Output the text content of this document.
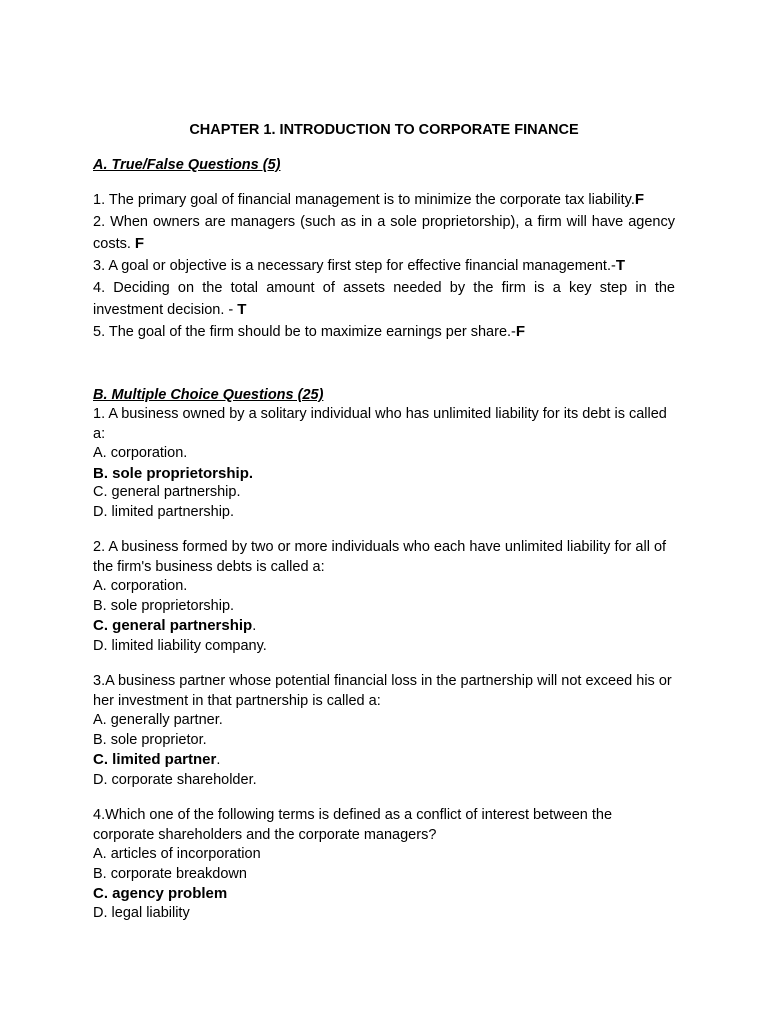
CHAPTER 1. INTRODUCTION TO CORPORATE FINANCE
A. True/False Questions (5)
1. The primary goal of financial management is to minimize the corporate tax liability.F
2. When owners are managers (such as in a sole proprietorship), a firm will have agency costs. F
3. A goal or objective is a necessary first step for effective financial management.-T
4. Deciding on the total amount of assets needed by the firm is a key step in the investment decision. - T
5. The goal of the firm should be to maximize earnings per share.-F
B. Multiple Choice Questions (25)
1. A business owned by a solitary individual who has unlimited liability for its debt is called a:
A. corporation.
B. sole proprietorship.
C. general partnership.
D. limited partnership.
2. A business formed by two or more individuals who each have unlimited liability for all of the firm's business debts is called a:
A. corporation.
B. sole proprietorship.
C. general partnership.
D. limited liability company.
3.A business partner whose potential financial loss in the partnership will not exceed his or her investment in that partnership is called a:
A. generally partner.
B. sole proprietor.
C. limited partner.
D. corporate shareholder.
4.Which one of the following terms is defined as a conflict of interest between the corporate shareholders and the corporate managers?
A. articles of incorporation
B. corporate breakdown
C. agency problem
D. legal liability
